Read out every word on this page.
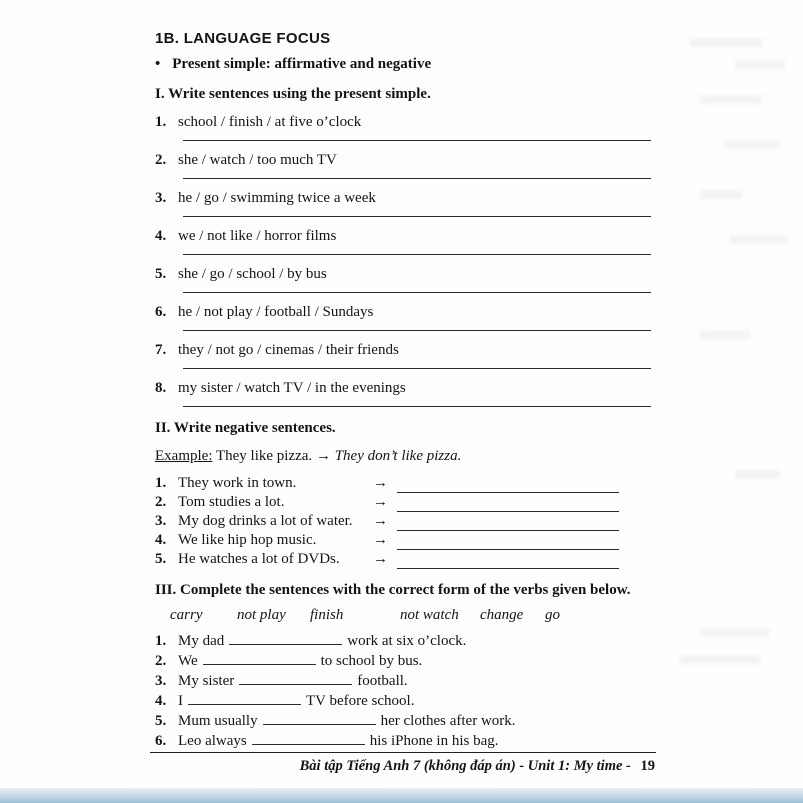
1B. LANGUAGE FOCUS
• Present simple: affirmative and negative
I. Write sentences using the present simple.
1. school / finish / at five o’clock
2. she / watch / too much TV
3. he / go / swimming twice a week
4. we / not like / horror films
5. she / go / school / by bus
6. he / not play / football / Sundays
7. they / not go / cinemas / their friends
8. my sister / watch TV / in the evenings
II. Write negative sentences.
Example: They like pizza. → They don’t like pizza.
1. They work in town.	→
2. Tom studies a lot.	→
3. My dog drinks a lot of water.	→
4. We like hip hop music.	→
5. He watches a lot of DVDs.	→
III. Complete the sentences with the correct form of the verbs given below.
carry not play finish	not watch change go
1. My dad	work at six o’clock.
2. We	to school by bus.
3. My sister	football.
4. I	TV before school.
5. Mum usually	her clothes after work.
6. Leo always	his iPhone in his bag.
Bài tập Tiếng Anh 7 (không đáp án) - Unit 1: My time - 19
